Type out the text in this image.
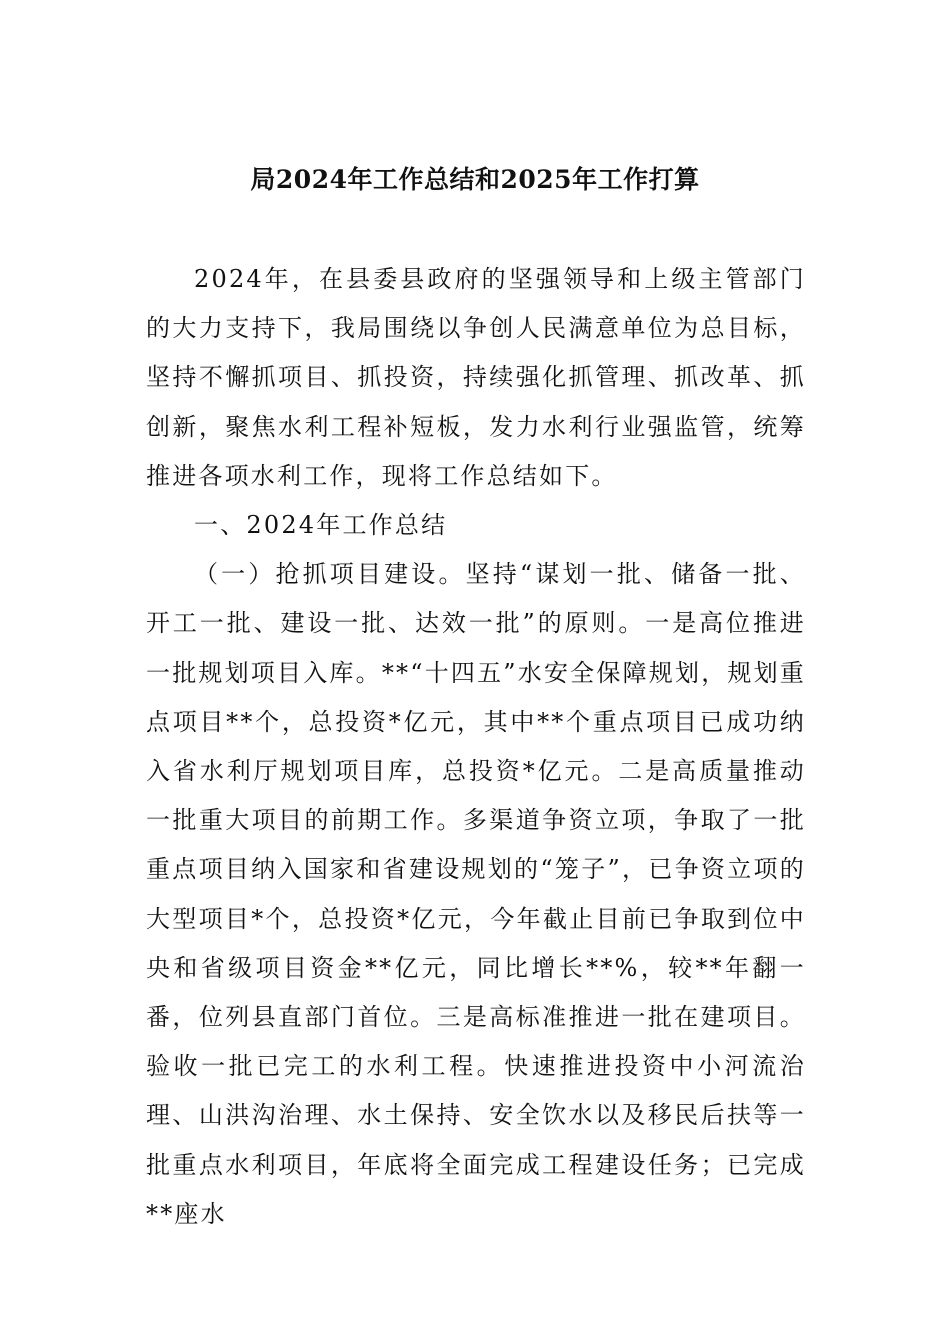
局2024年工作总结和2025年工作打算

2024年，在县委县政府的坚强领导和上级主管部门的大力支持下，我局围绕以争创人民满意单位为总目标，坚持不懈抓项目、抓投资，持续强化抓管理、抓改革、抓创新，聚焦水利工程补短板，发力水利行业强监管，统筹推进各项水利工作，现将工作总结如下。

一、2024年工作总结

（一）抢抓项目建设。坚持“谋划一批、储备一批、开工一批、建设一批、达效一批”的原则。一是高位推进一批规划项目入库。**“十四五”水安全保障规划，规划重点项目**个，总投资*亿元，其中**个重点项目已成功纳入省水利厅规划项目库，总投资*亿元。二是高质量推动一批重大项目的前期工作。多渠道争资立项，争取了一批重点项目纳入国家和省建设规划的“笼子”，已争资立项的大型项目*个，总投资*亿元，今年截止目前已争取到位中央和省级项目资金**亿元，同比增长**%，较**年翻一番，位列县直部门首位。三是高标准推进一批在建项目。验收一批已完工的水利工程。快速推进投资中小河流治理、山洪沟治理、水土保持、安全饮水以及移民后扶等一批重点水利项目，年底将全面完成工程建设任务；已完成**座水
